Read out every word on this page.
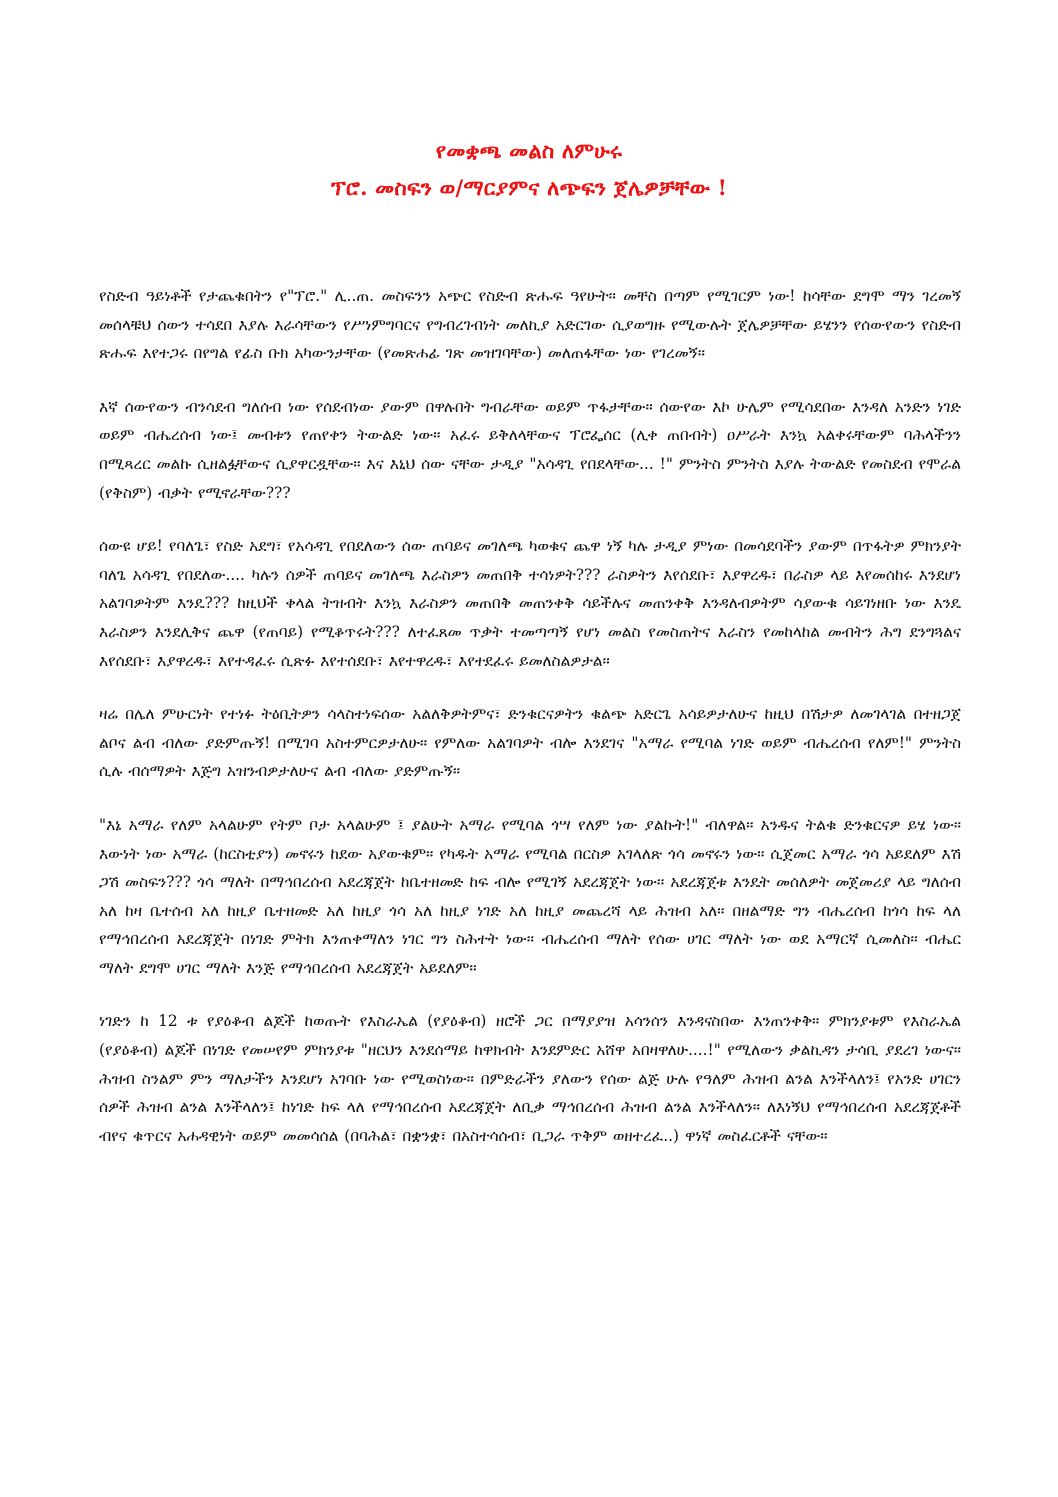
የመቋጫ መልስ ለምሁሩ
ፕሮ. መስፍን ወ/ማርያምና ለጭፍን ጀሌዎቻቸው !

የስድብ ዓይነቶች የታጨቁበትን የ"ፕሮ." ሊ..ጠ. መስፍንን አጭር የስድብ ጽሑፍ ዓየሁት፡፡ መቸስ በጣም የሚገርም ነው! ከሳቸው ደግሞ ማን ገረመኝ መሰላቹህ ሰውን ተሳደበ እያሉ እራሳቸውን የሥነምግባርና የግብረገብነት መለኪያ አድርገው ሲያወግዙ የሚውሉት ጀሌዎቻቸው ይሄንን የሰውየውን የስድብ ጽሑፍ እየተጋሩ በየግል የፊስ ቡክ አካውንታቸው (የመጽሐፊ ገጽ መዝገባቸው) መለጠፋቸው ነው የገረመኝ፡፡

እኛ ሰውየውን ብንሳደብ ግለሰብ ነው የሰደብነው ያውም በዋሉበት ግብራቸው ወይም ጥፋታቸው፡፡ ሰውየው እኮ ሁሌም የሚሳደበው እንዳለ አንድን ነገድ ወይም ብሔረሰብ ነው፤ መብቱን የጠየቀን ትውልድ ነው፡፡ አፈሩ ይቅለላቸውና ፕሮፌሰር (ሊቀ ጠበብት) ዐሥራት እንኳ አልቀሩቸውም ባሕላችንን በሚጻረር መልኩ ሲዘልፏቸውና ሲያዋርዷቸው፡፡ እና እኒህ ሰው ናቸው ታዲያ "አሳዳጊ የበደላቸው... !" ምንትስ ምንትስ እያሉ ትውልድ የመስደብ የሞራል (የቅስም) ብቃት የሚኖራቸው???

ሰውዩ ሆይ! የባለጌ፣ የስድ አደግ፣ የአሳዳጊ የበደለውን ሰው ጠባይና መገለጫ ካወቁና ጨዋ ነኝ ካሉ ታዲያ ምነው በመሳደባችን ያውም በጥፋትዎ ምክንያት ባለጌ አሳዳጊ የበደለው.... ካሉን ሰዎች ጠባይና መገለጫ እራስዎን መጠበቅ ተሳነዎት??? ራስዎትን እየሰደቡ፣ እያዋረዱ፣ በራስዎ ላይ እየመሰከሩ እንደሆነ አልገባዎትም እንዴ??? ከዚህች ቀላል ትዝብት እንኳ እራስዎን መጠበቅ መጠንቀቅ ሳይችሉና መጠንቀቅ እንዳለብዎትም ሳያውቁ ሳይገነዘቡ ነው እንዴ እራስዎን እንደሊቅና ጨዋ (የጠባይ) የሚቆጥሩት??? ለተፈጸመ ጥቃት ተመጣጣኝ የሆነ መልስ የመስጠትና እራስን የመከላከል መብትን ሕግ ደንግጓልና እየሰደቡ፣ እያዋረዱ፣ እየተዳፈሩ ሲጽፉ እየተሰደቡ፣ እየተዋረዱ፣ እየተደፈሩ ይመለስልዎታል፡፡

ዛሬ በሌለ ምሁርነት የተነፉ ትዕቢትዎን ሳላስተነፍሰው አልለቅዎትምና፣ ድንቁርናዎትን ቁልጭ አድርጌ አሳይዎታለሁና ከዚህ በሽታዎ ለመገላገል በተዘጋጀ ልቦና ልብ ብለው ያድምጡኝ! በሚገባ አስተምርዎታለሁ፡፡ የምለው አልገባዎት ብሎ እንደገና "አማራ የሚባል ነገድ ወይም ብሔረሰብ የለም!" ምንትስ ሲሉ ብሰማዎት እጅግ አዝንብዎታለሁና ልብ ብለው ያድምጡኝ፡፡

"እኔ አማራ የለም አላልሁም የትም ቦታ አላልሁም ፤ ያልሁት አማራ የሚባል ጎሣ የለም ነው ያልኩት!" ብለዋል፡፡ አንዱና ትልቁ ድንቁርናዎ ይሄ ነው፡፡ እውነት ነው አማራ (ከርስቲያን) መኖሩን ከደው አያውቁም፡፡ የካዱት አማራ የሚባል በርስዎ አገላለጽ ጎሳ መኖሩን ነው፡፡ ሲጀመር አማራ ጎሳ አይደለም እሽ ጋሽ መስፍን??? ጎሳ ማለት በማኅበረሰብ አደረጃጀት ከቤተዘመድ ከፍ ብሎ የሚገኝ አደረጃጀት ነው፡፡ አደረጃጀቱ እንዴት መሰለዎት መጀመሪያ ላይ ግለሰብ አለ ከዛ ቤተሰብ አለ ከዚያ ቤተዘመድ አለ ከዚያ ጎሳ አለ ከዚያ ነገድ አለ ከዚያ መጨረሻ ላይ ሕዝብ አለ፡፡ በዘልማድ ግን ብሔረሰብ ከጎሳ ከፍ ላለ የማኅበረሰብ አደረጃጀት በነገድ ምትክ እንጠቀማለን ነገር ግን ስሕተት ነው፡፡ ብሔረሰብ ማለት የሰው ሀገር ማለት ነው ወደ አማርኛ ሲመለስ፡፡ ብሔር ማለት ደግሞ ሀገር ማለት እንጅ የማኅበረሰብ አደረጃጀት አይደለም፡፡

ነገድን ከ 12 ቱ የያዕቆብ ልጆች ከወጡት የእስራኤል (የያዕቆብ) ዘሮች ጋር በማያያዝ አሳንሰን እንዳናስበው እንጠንቀቅ፡፡ ምክንያቱም የእስራኤል (የያዕቆብ) ልጆች በነገድ የመሠየም ምክንያቱ "ዘርህን እንደሰማይ ከዋክብት እንደምድር አሸዋ አበዛዋለሁ....!" የሚለውን ቃልኪዳን ታሳቢ ያደረገ ነውና፡፡ ሕዝብ ስንልም ምን ማለታችን እንደሆነ አገባቡ ነው የሚወስነው፡፡ በምድራችን ያለውን የሰው ልጅ ሁሉ የዓለም ሕዝብ ልንል እንችላለን፤ የአንድ ሀገርን ሰዎች ሕዝብ ልንል እንችላለን፤ ከነገድ ከፍ ላለ የማኅበረሰብ አደረጃጀት ለቢቃ ማኅበረሰብ ሕዝብ ልንል እንችላለን፡፡ ለእነኝህ የማኅበረሰብ አደረጃጀቶች ብየና ቁጥርና አሐዳዊነት ወይም መመሳሰል (በባሕል፣ በቋንቋ፣ በአስተሳሰብ፣ ቢጋራ ጥቅም ወዘተረፈ..) ዋነኛ መስፈርቶች ናቸው፡፡
